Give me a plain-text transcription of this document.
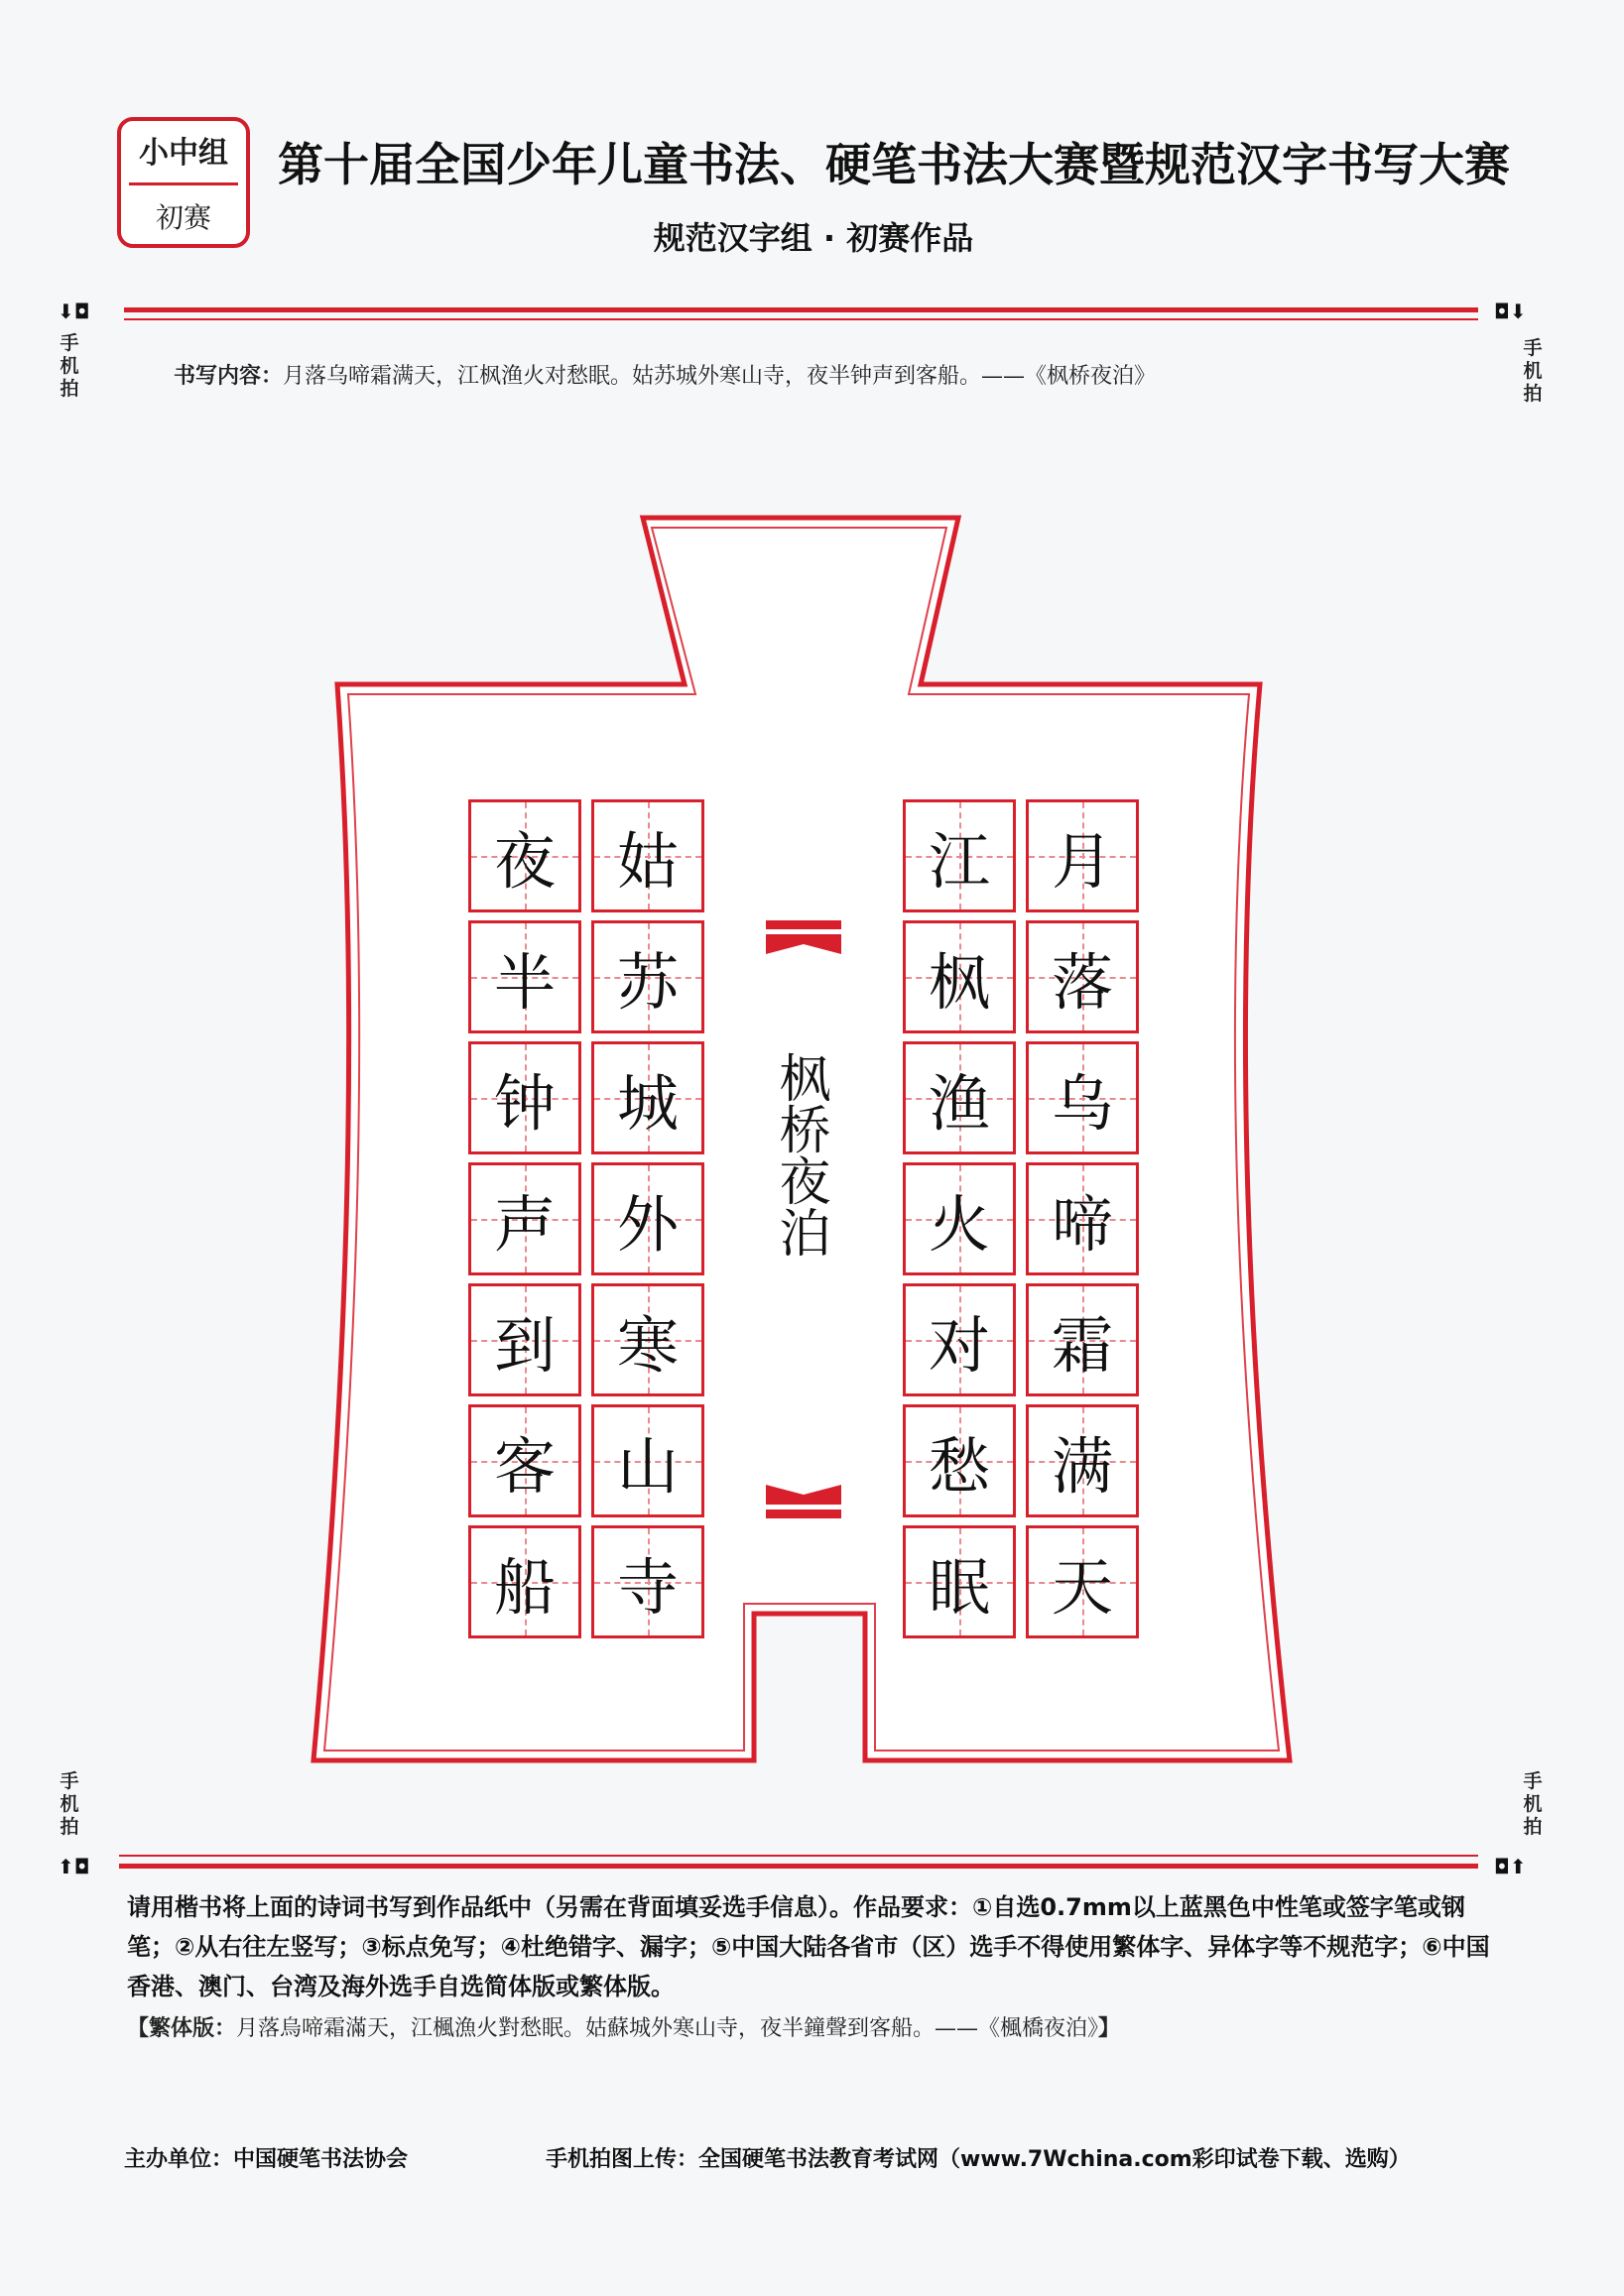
小中组
初赛
第十届全国少年儿童书法、硬笔书法大赛暨规范汉字书写大赛
规范汉字组 · 初赛作品
⬇◘
手机拍
◘⬇
手机拍
书写内容：月落乌啼霜满天，江枫渔火对愁眠。姑苏城外寒山寺，夜半钟声到客船。——《枫桥夜泊》
夜
半
钟
声
到
客
船
姑
苏
城
外
寒
山
寺
江
枫
渔
火
对
愁
眠
月
落
乌
啼
霜
满
天
枫桥夜泊
手机拍
⬆◘
手机拍
◘⬆
请用楷书将上面的诗词书写到作品纸中（另需在背面填妥选手信息）。作品要求：①自选0.7mm以上蓝黑色中性笔或签字笔或钢笔；②从右往左竖写；③标点免写；④杜绝错字、漏字；⑤中国大陆各省市（区）选手不得使用繁体字、异体字等不规范字；⑥中国香港、澳门、台湾及海外选手自选简体版或繁体版。
【繁体版：月落烏啼霜滿天，江楓漁火對愁眠。姑蘇城外寒山寺，夜半鐘聲到客船。——《楓橋夜泊》】
主办单位：中国硬笔书法协会	手机拍图上传：全国硬笔书法教育考试网（www.7Wchina.com彩印试卷下载、选购）
